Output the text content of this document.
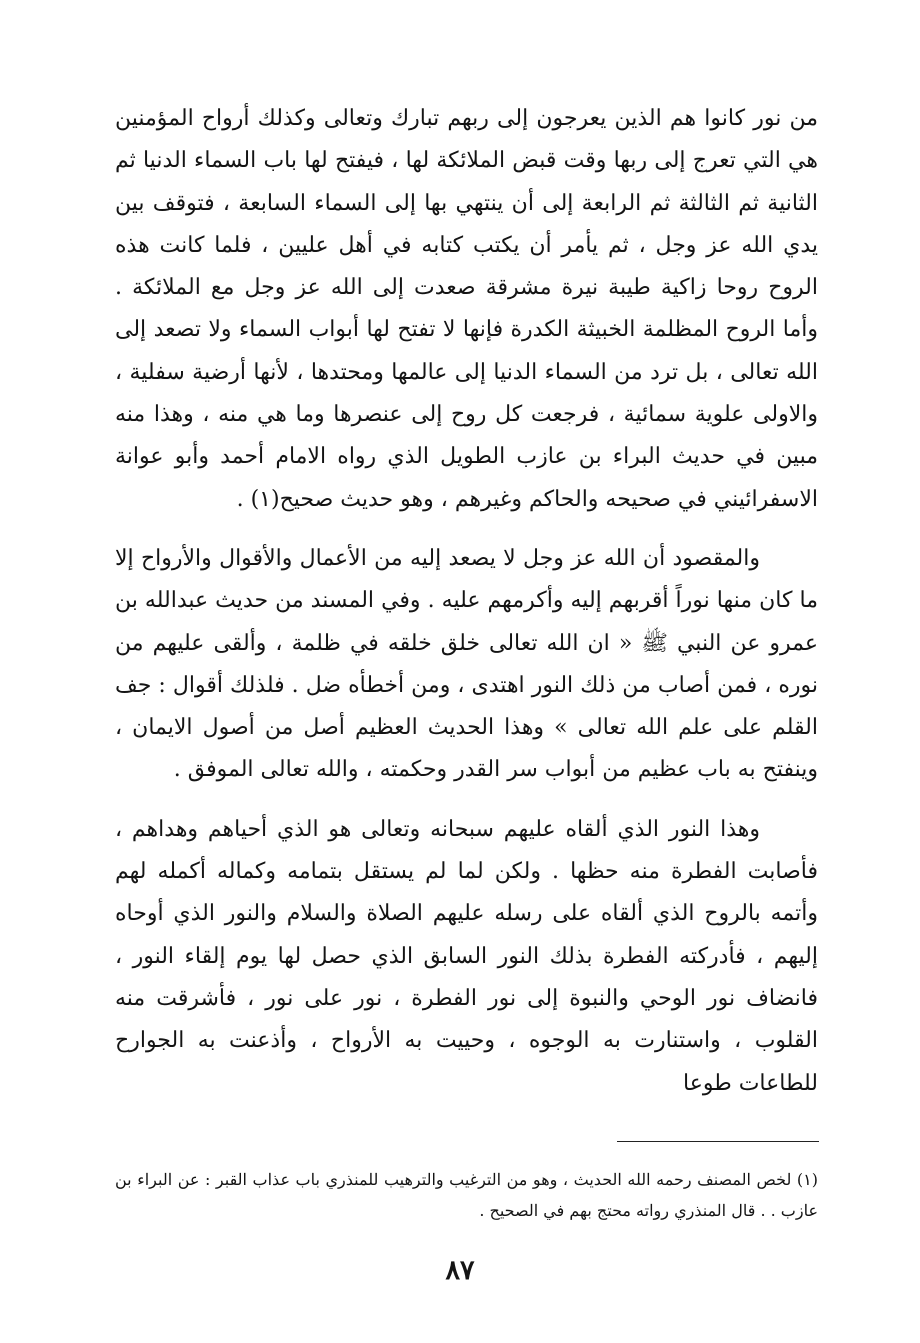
من نور كانوا هم الذين يعرجون إلى ربهم تبارك وتعالى وكذلك أرواح المؤمنين هي التي تعرج إلى ربها وقت قبض الملائكة لها ، فيفتح لها باب السماء الدنيا ثم الثانية ثم الثالثة ثم الرابعة إلى أن ينتهي بها إلى السماء السابعة ، فتوقف بين يدي الله عز وجل ، ثم يأمر أن يكتب كتابه في أهل عليين ، فلما كانت هذه الروح روحا زاكية طيبة نيرة مشرقة صعدت إلى الله عز وجل مع الملائكة . وأما الروح المظلمة الخبيثة الكدرة فإنها لا تفتح لها أبواب السماء ولا تصعد إلى الله تعالى ، بل ترد من السماء الدنيا إلى عالمها ومحتدها ، لأنها أرضية سفلية ، والاولى علوية سمائية ، فرجعت كل روح إلى عنصرها وما هي منه ، وهذا منه مبين في حديث البراء بن عازب الطويل الذي رواه الامام أحمد وأبو عوانة الاسفرائيني في صحيحه والحاكم وغيرهم ، وهو حديث صحيح(١) .

والمقصود أن الله عز وجل لا يصعد إليه من الأعمال والأقوال والأرواح إلا ما كان منها نوراً أقربهم إليه وأكرمهم عليه . وفي المسند من حديث عبدالله بن عمرو عن النبي ﷺ « ان الله تعالى خلق خلقه في ظلمة ، وألقى عليهم من نوره ، فمن أصاب من ذلك النور اهتدى ، ومن أخطأه ضل . فلذلك أقوال : جف القلم على علم الله تعالى » وهذا الحديث العظيم أصل من أصول الايمان ، وينفتح به باب عظيم من أبواب سر القدر وحكمته ، والله تعالى الموفق .

وهذا النور الذي ألقاه عليهم سبحانه وتعالى هو الذي أحياهم وهداهم ، فأصابت الفطرة منه حظها . ولكن لما لم يستقل بتمامه وكماله أكمله لهم وأتمه بالروح الذي ألقاه على رسله عليهم الصلاة والسلام والنور الذي أوحاه إليهم ، فأدركته الفطرة بذلك النور السابق الذي حصل لها يوم إلقاء النور ، فانضاف نور الوحي والنبوة إلى نور الفطرة ، نور على نور ، فأشرقت منه القلوب ، واستنارت به الوجوه ، وحييت به الأرواح ، وأذعنت به الجوارح للطاعات طوعا

(١) لخص المصنف رحمه الله الحديث ، وهو من الترغيب والترهيب للمنذري باب عذاب القبر : عن البراء بن عازب . . قال المنذري رواته محتج بهم في الصحيح .

٨٧
